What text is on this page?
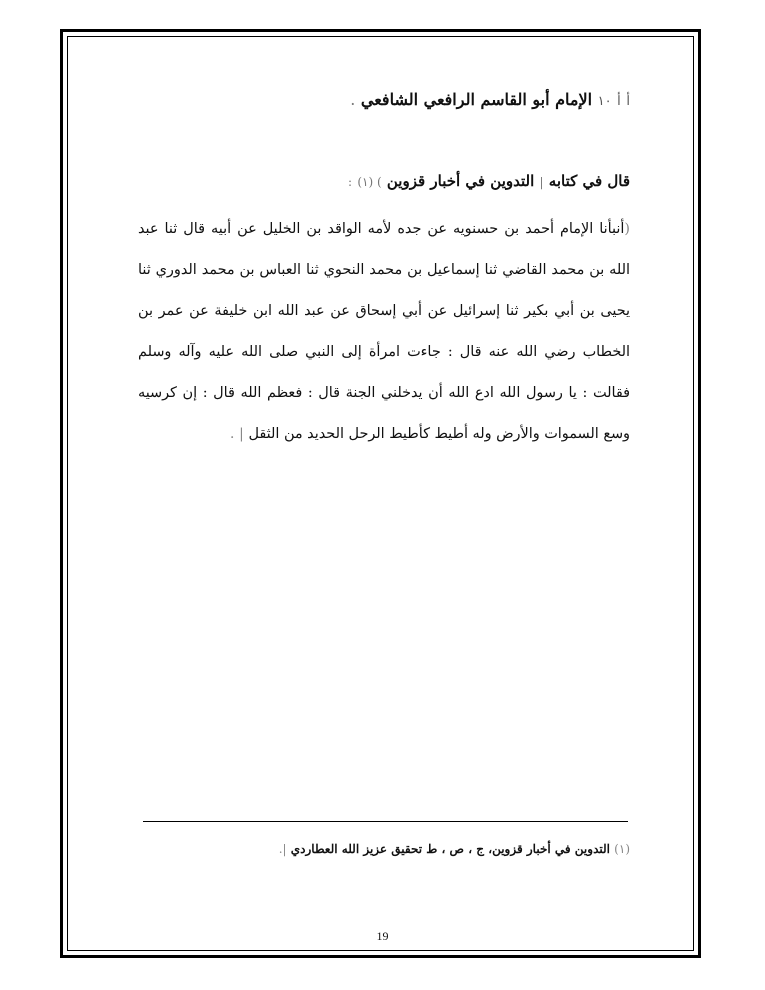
أ أ ١٠ الإمام أبو القاسم الرافعي الشافعي .
قال في كتابه | التدوين في أخبار قزوين ) (١) :
(أنبأنا الإمام أحمد بن حسنويه عن جده لأمه الواقد بن الخليل عن أبيه قال ثنا عبد الله بن محمد القاضي ثنا إسماعيل بن محمد النحوي ثنا العباس بن محمد الدوري ثنا يحيى بن أبي بكير ثنا إسرائيل عن أبي إسحاق عن عبد الله ابن خليفة عن عمر بن الخطاب رضي الله عنه قال : جاءت امرأة إلى النبي صلى الله عليه وآله وسلم فقالت : يا رسول الله ادع الله أن يدخلني الجنة قال : فعظم الله قال : إن كرسيه وسع السموات والأرض وله أطيط كأطيط الرحل الحديد من الثقل | .
(١) التدوين في أخبار قزوين، ج ، ص ، ط تحقيق عزيز الله العطاردي |.
19
